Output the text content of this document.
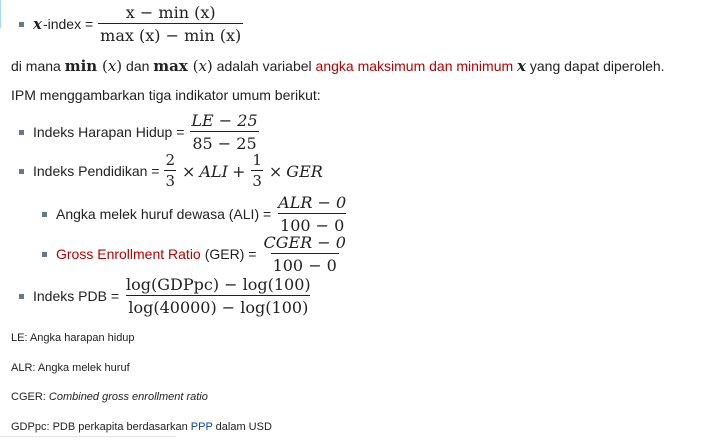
x -index = $\frac{x - \min (x)}{\max (x) - \min (x)}$
di mana min (x) dan max (x) adalah variabel angka maksimum dan minimum x yang dapat diperoleh.
IPM menggambarkan tiga indikator umum berikut:
Indeks Harapan Hidup = $\frac{LE - 25}{85 - 25}$
Indeks Pendidikan = $\frac{2}{3}$ × ALI + $\frac{1}{3}$ × GER
Angka melek huruf dewasa $(ALI) = \frac{\text{ALR − 0}}{100 - 0}$
Gross Enrollment Ratio $(GER) = \frac{\text{CGER − 0}}{100 - 0}$
Indeks PDB = $\frac{\text{log(GDPpc) − log(100)}}{\log(40000) - \log(100)}$
LE: Angka harapan hidup
ALR: Angka melek huruf
CGER: Combined gross enrollment ratio
GDPpc: PDB perkapita berdasarkan PPP dalam USD
